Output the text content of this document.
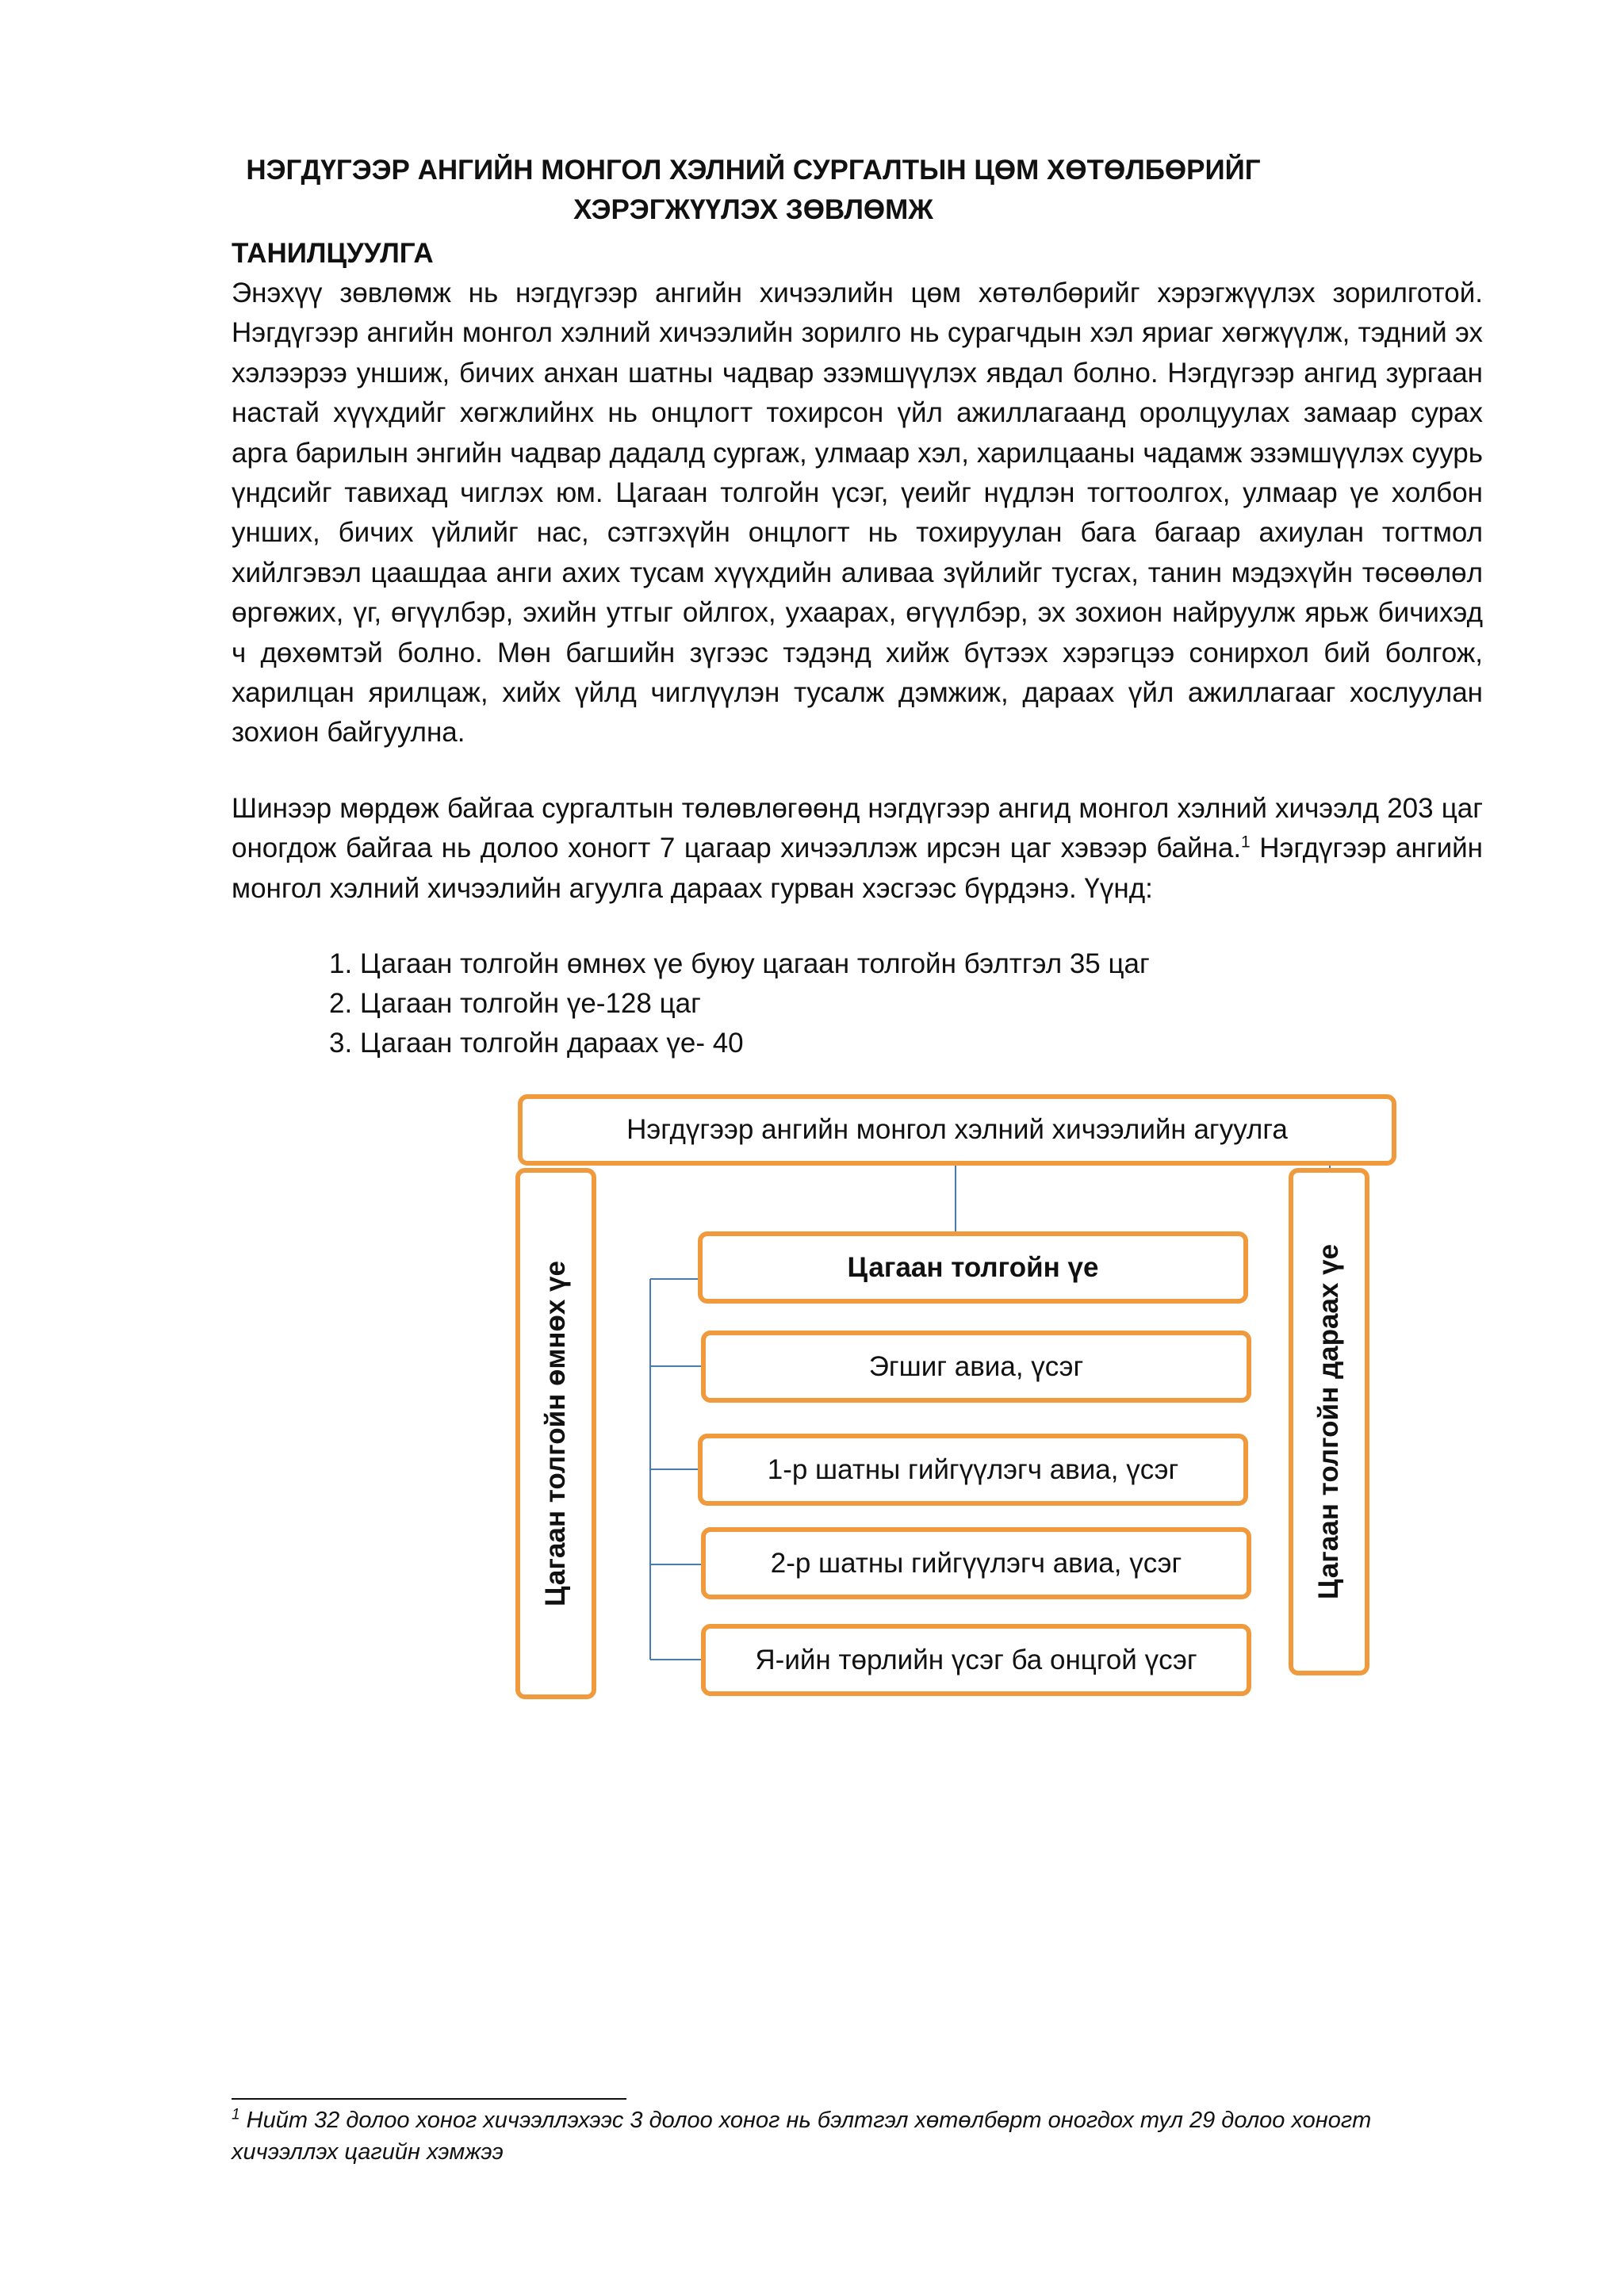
НЭГДҮГЭЭР АНГИЙН МОНГОЛ ХЭЛНИЙ СУРГАЛТЫН ЦӨМ ХӨТӨЛБӨРИЙГ
ХЭРЭГЖҮҮЛЭХ ЗӨВЛӨМЖ
ТАНИЛЦУУЛГА
Энэхүү зөвлөмж нь нэгдүгээр ангийн хичээлийн цөм хөтөлбөрийг хэрэгжүүлэх зорилготой. Нэгдүгээр ангийн монгол хэлний хичээлийн зорилго нь сурагчдын хэл яриаг хөгжүүлж, тэдний эх хэлээрээ уншиж, бичих анхан шатны чадвар эзэмшүүлэх явдал болно. Нэгдүгээр ангид зургаан настай хүүхдийг хөгжлийнх нь онцлогт тохирсон үйл ажиллагаанд оролцуулах замаар сурах арга барилын энгийн чадвар дадалд сургаж, улмаар хэл, харилцааны чадамж эзэмшүүлэх суурь үндсийг тавихад чиглэх юм. Цагаан толгойн үсэг, үеийг нүдлэн тогтоолгох, улмаар үе холбон унших, бичих үйлийг нас, сэтгэхүйн онцлогт нь тохируулан бага багаар ахиулан тогтмол хийлгэвэл цаашдаа анги ахих тусам хүүхдийн аливаа зүйлийг тусгах, танин мэдэхүйн төсөөлөл өргөжих, үг, өгүүлбэр, эхийн утгыг ойлгох, ухаарах, өгүүлбэр, эх зохион найруулж ярьж бичихэд ч дөхөмтэй болно. Мөн багшийн зүгээс тэдэнд хийж бүтээх хэрэгцээ сонирхол бий болгож, харилцан ярилцаж, хийх үйлд чиглүүлэн тусалж дэмжиж, дараах үйл ажиллагааг хослуулан зохион байгуулна.
Шинээр мөрдөж байгаа сургалтын төлөвлөгөөнд нэгдүгээр ангид монгол хэлний хичээлд 203 цаг оногдож байгаа нь долоо хоногт 7 цагаар хичээллэж ирсэн цаг хэвээр байна.$^1$ Нэгдүгээр ангийн монгол хэлний хичээлийн агуулга дараах гурван хэсгээс бүрдэнэ. Үүнд:
1. Цагаан толгойн өмнөх үе буюу цагаан толгойн бэлтгэл 35 цаг
2. Цагаан толгойн үе-128 цаг
3. Цагаан толгойн дараах үе- 40
Нэгдүгээр ангийн монгол хэлний хичээлийн агуулга
Цагаан толгойн өмнөх үе	Цагаан толгойн дараах үе
Цагаан толгойн үе
Эгшиг авиа, үсэг
1-р шатны гийгүүлэгч авиа, үсэг
2-р шатны гийгүүлэгч авиа, үсэг
Я-ийн төрлийн үсэг ба онцгой үсэг
$^1$ Нийт 32 долоо хоног хичээллэхээс 3 долоо хоног нь бэлтгэл хөтөлбөрт оногдох тул 29 долоо хоногт хичээллэх цагийн хэмжээ
